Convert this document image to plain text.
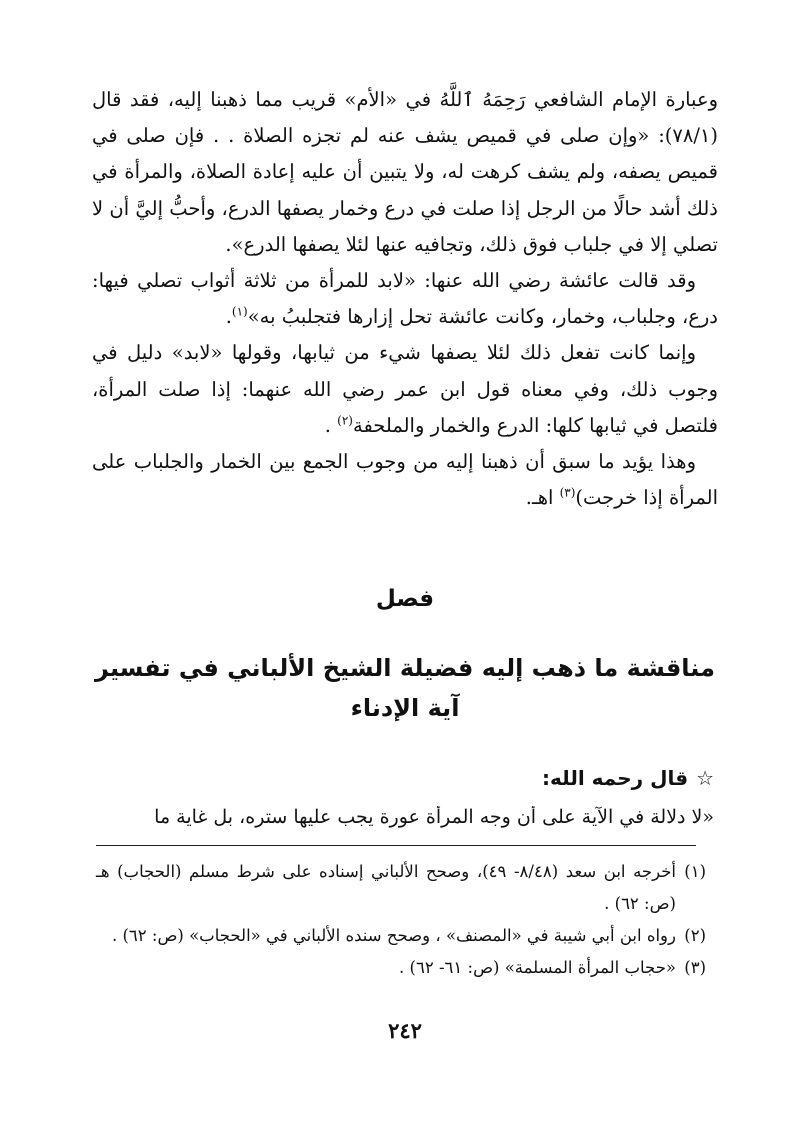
وعبارة الإمام الشافعي رَحِمَهُ ٱللَّهُ في «الأم» قريب مما ذهبنا إليه، فقد قال (٧٨/١): «وإن صلى في قميص يشف عنه لم تجزه الصلاة . . فإن صلى في قميص يصفه، ولم يشف كرهت له، ولا يتبين أن عليه إعادة الصلاة، والمرأة في ذلك أشد حالًا من الرجل إذا صلت في درع وخمار يصفها الدرع، وأحبُّ إليَّ أن لا تصلي إلا في جلباب فوق ذلك، وتجافيه عنها لئلا يصفها الدرع».

وقد قالت عائشة رضي الله عنها: «لابد للمرأة من ثلاثة أثواب تصلي فيها: درع، وجلباب، وخمار، وكانت عائشة تحل إزارها فتجلببُ به»$^{(١)}$.

وإنما كانت تفعل ذلك لئلا يصفها شيء من ثيابها، وقولها «لابد» دليل في وجوب ذلك، وفي معناه قول ابن عمر رضي الله عنهما: إذا صلت المرأة، فلتصل في ثيابها كلها: الدرع والخمار والملحفة$^{(٢)}$ .

وهذا يؤيد ما سبق أن ذهبنا إليه من وجوب الجمع بين الخمار والجلباب على المرأة إذا خرجت)$^{(٣)}$ اهـ.

فصل
مناقشة ما ذهب إليه فضيلة الشيخ الألباني في تفسير آية الإدناء
☆قال رحمه الله:
«لا دلالة في الآية على أن وجه المرأة عورة يجب عليها ستره، بل غاية ما
(١)
أخرجه ابن سعد (٨/٤٨- ٤٩)، وصحح الألباني إسناده على شرط مسلم (الحجاب) هـ (ص: ٦٢) .
(٢)
رواه ابن أبي شيبة في «المصنف» ، وصحح سنده الألباني في «الحجاب» (ص: ٦٢) .
(٣)
«حجاب المرأة المسلمة» (ص: ٦١- ٦٢) .
٢٤٢
